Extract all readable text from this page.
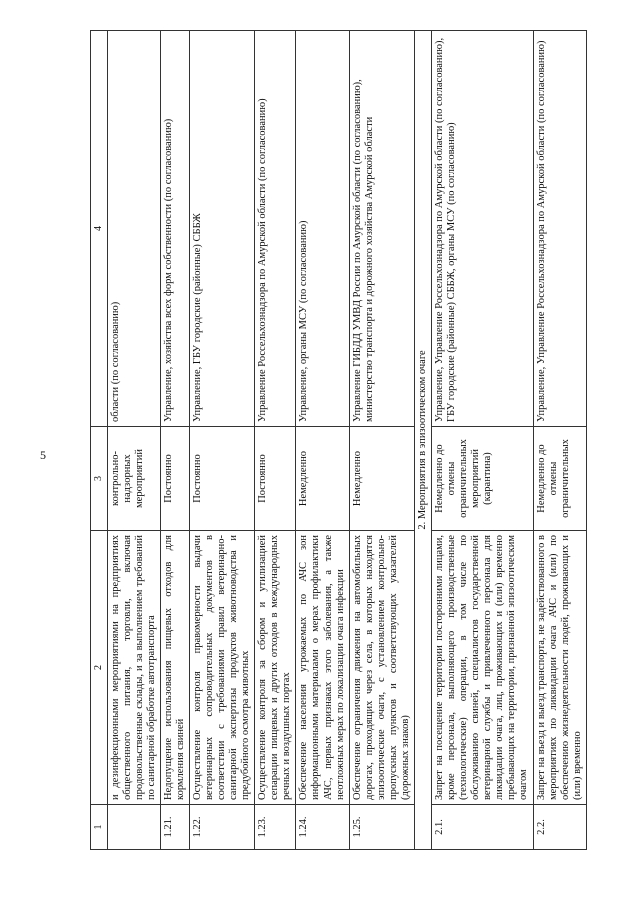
5
1	2	3	4
	и дезинфекционными мероприятиями на предприятиях общественного питания, торговли, включая продовольственные склады, и за выполнением требований по санитарной обработке автотранспорта	контрольно-надзорных мероприятий	области (по согласованию)
1.21.	Недопущение использования пищевых отходов для кормления свиней	Постоянно	Управление, хозяйства всех форм собственности (по согласованию)
1.22.	Осуществление контроля правомерности выдачи ветеринарных сопроводительных документов в соответствии с требованиями правил ветеринарно-санитарной экспертизы продуктов животноводства и предубойного осмотра животных	Постоянно	Управление, ГБУ городские (районные) СББЖ
1.23.	Осуществление контроля за сбором и утилизацией сепарации пищевых и других отходов в международных речных и воздушных портах	Постоянно	Управление Россельхознадзора по Амурской области (по согласованию)
1.24.	Обеспечение населения угрожаемых по АЧС зон информационными материалами о мерах профилактики АЧС, первых признаках этого заболевания, а также неотложных мерах по локализации очага инфекции	Немедленно	Управление, органы МСУ (по согласованию)
1.25.	Обеспечение ограничения движения на автомобильных дорогах, проходящих через села, в которых находятся эпизоотические очаги, с установлением контрольно-пропускных пунктов и соответствующих указателей (дорожных знаков)	Немедленно	Управление ГИБДД УМВД России по Амурской области (по согласованию), министерство транспорта и дорожного хозяйства Амурской области
2. Мероприятия в эпизоотическом очаге			
2.1.	Запрет на посещение территории посторонними лицами, кроме персонала, выполняющего производственные (технологические) операции, в том числе по обслуживанию свиней, специалистов государственной ветеринарной службы и привлеченного персонала для ликвидации очага, лиц, проживающих и (или) временно пребывающих на территории, признанной эпизоотическим очагом	Немедленно до отмены ограничительных мероприятий (карантина)	Управление, Управление Россельхознадзора по Амурской области (по согласованию), ГБУ городские (районные) СББЖ, органы МСУ (по согласованию)
2.2.	Запрет на въезд и выезд транспорта, не задействованного в мероприятиях по ликвидации очага АЧС и (или) по обеспечению жизнедеятельности людей, проживающих и (или) временно	Немедленно до отмены ограничительных	Управление, Управление Россельхознадзора по Амурской области (по согласованию)
